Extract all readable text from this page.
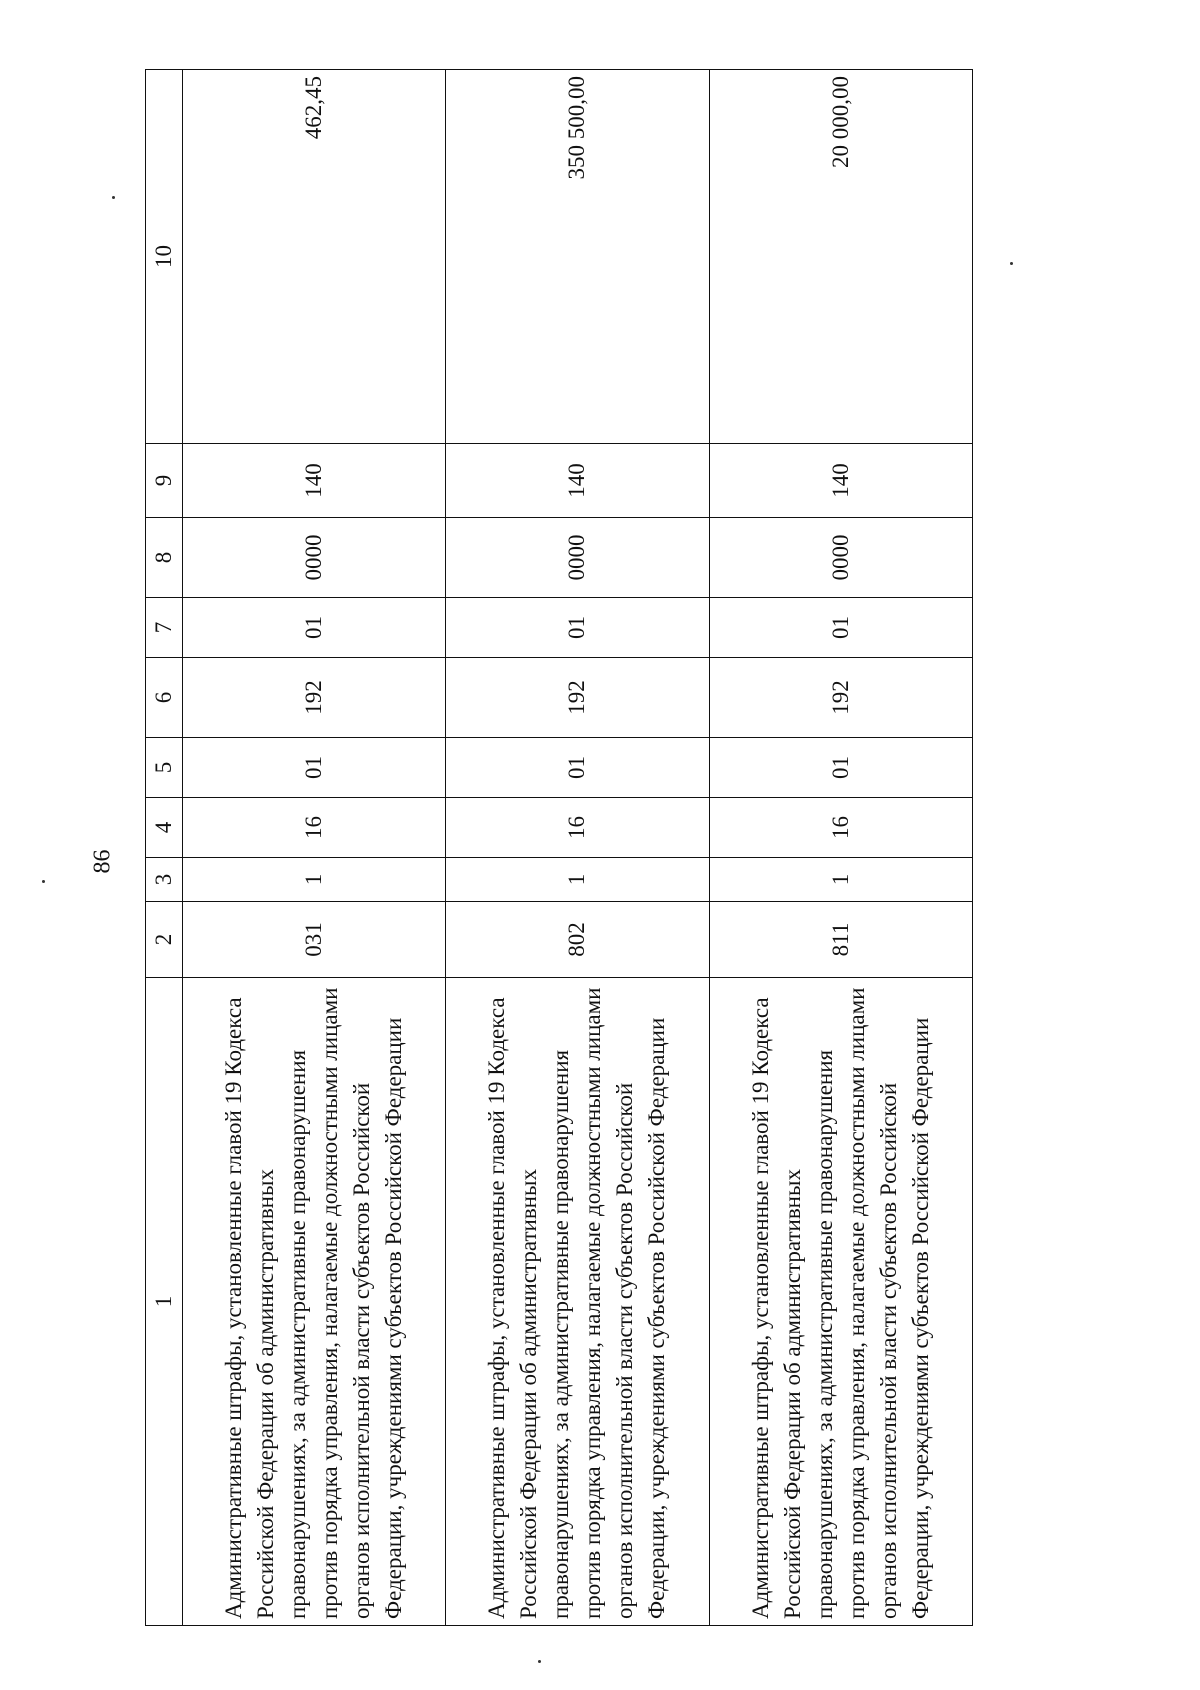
86
1	2	3	4	5	6	7	8	9	10
Административные штрафы, установленные главой 19 Кодекса Российской Федерации об административных правонарушениях, за административные правонарушения против порядка управления, налагаемые должностными лицами органов исполнительной власти субъектов Российской Федерации, учреждениями субъектов Российской Федерации	031	1	16	01	192	01	0000	140	462,45
Административные штрафы, установленные главой 19 Кодекса Российской Федерации об административных правонарушениях, за административные правонарушения против порядка управления, налагаемые должностными лицами органов исполнительной власти субъектов Российской Федерации, учреждениями субъектов Российской Федерации	802	1	16	01	192	01	0000	140	350 500,00
Административные штрафы, установленные главой 19 Кодекса Российской Федерации об административных правонарушениях, за административные правонарушения против порядка управления, налагаемые должностными лицами органов исполнительной власти субъектов Российской Федерации, учреждениями субъектов Российской Федерации	811	1	16	01	192	01	0000	140	20 000,00
